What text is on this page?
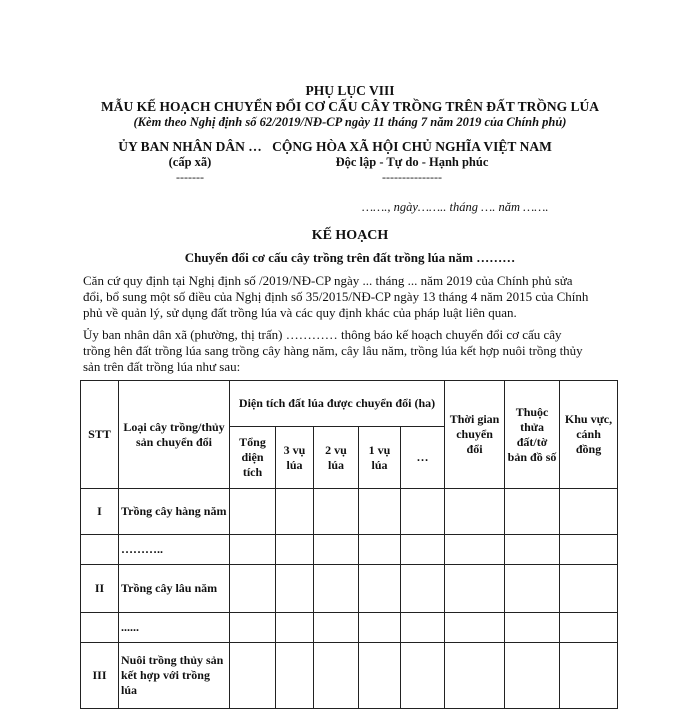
PHỤ LỤC VIII
MẪU KẾ HOẠCH CHUYỂN ĐỔI CƠ CẤU CÂY TRỒNG TRÊN ĐẤT TRỒNG LÚA
(Kèm theo Nghị định số 62/2019/NĐ-CP ngày 11 tháng 7 năm 2019 của Chính phủ)
ỦY BAN NHÂN DÂN …
(cấp xã)
-------
CỘNG HÒA XÃ HỘI CHỦ NGHĨA VIỆT NAM
Độc lập - Tự do - Hạnh phúc
---------------
……., ngày…….. tháng …. năm …….
KẾ HOẠCH
Chuyển đổi cơ cấu cây trồng trên đất trồng lúa năm ………
Căn cứ quy định tại Nghị định số /2019/NĐ-CP ngày ... tháng ... năm 2019 của Chính phủ sửa
đổi, bổ sung một số điều của Nghị định số 35/2015/NĐ-CP ngày 13 tháng 4 năm 2015 của Chính
phủ về quản lý, sử dụng đất trồng lúa và các quy định khác của pháp luật liên quan.
Ủy ban nhân dân xã (phường, thị trấn) ………… thông báo kế hoạch chuyển đổi cơ cấu cây
trồng hên đất trồng lúa sang trồng cây hàng năm, cây lâu năm, trồng lúa kết hợp nuôi trồng thủy
sản trên đất trồng lúa như sau:
STT	Loại cây trồng/thủy sản chuyển đổi	Diện tích đất lúa được chuyển đổi (ha)					Thời gian chuyển đổi	Thuộc thửa đất/tờ bản đồ số	Khu vực, cánh đồng
		Tổng diện tích	3 vụ lúa	2 vụ lúa	1 vụ lúa	…			
I	Trồng cây hàng năm								
	………..								
II	Trồng cây lâu năm								
	......								
III	Nuôi trồng thủy sản kết hợp với trồng lúa								
